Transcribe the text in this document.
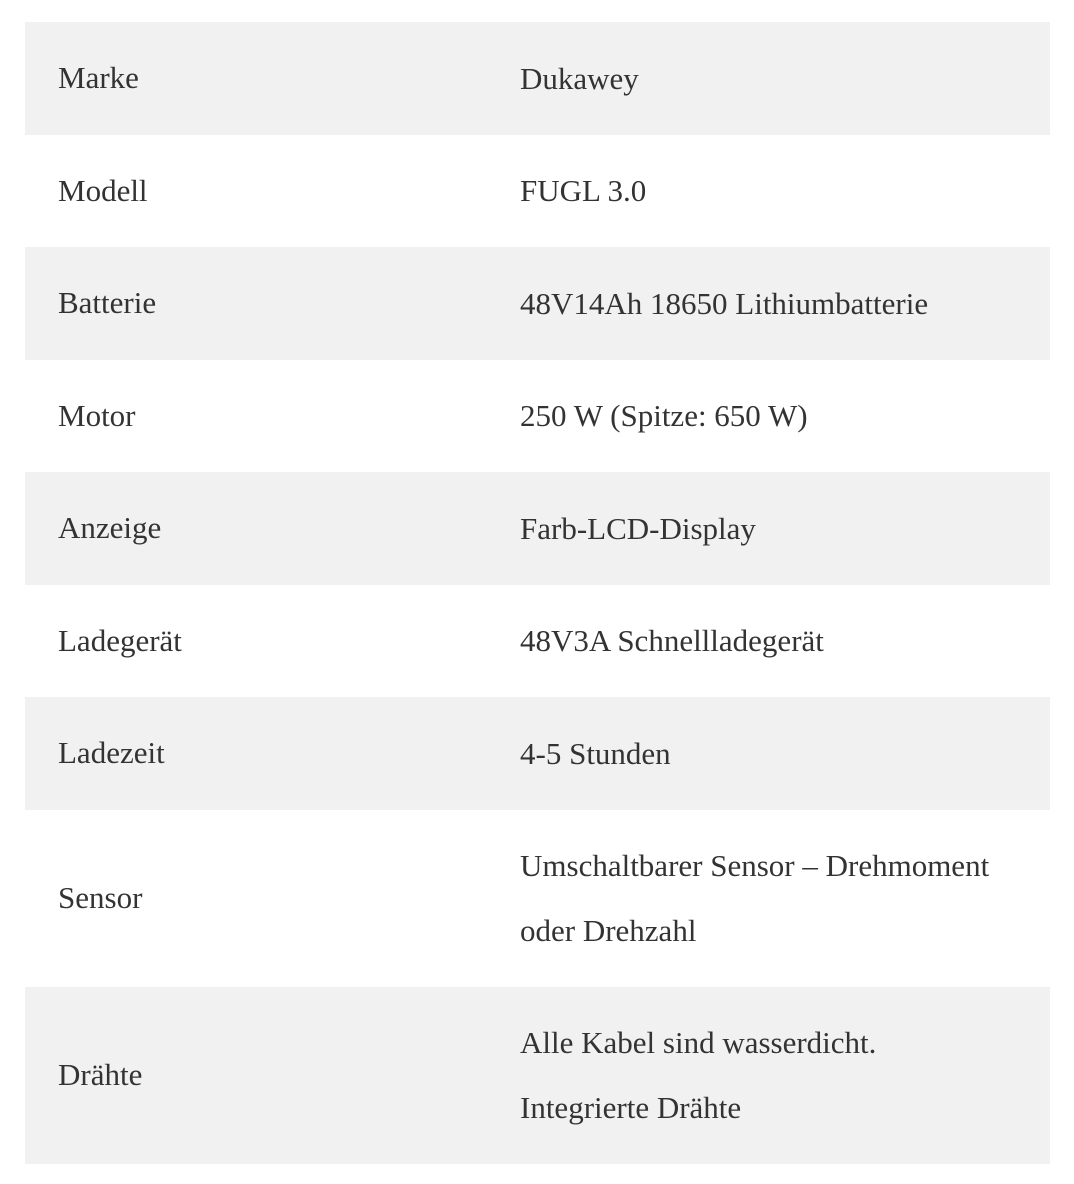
Marke	Dukawey
Modell	FUGL 3.0
Batterie	48V14Ah 18650 Lithiumbatterie
Motor	250 W (Spitze: 650 W)
Anzeige	Farb-LCD-Display
Ladegerät	48V3A Schnellladegerät
Ladezeit	4-5 Stunden
Sensor	Umschaltbarer Sensor – Drehmoment
oder Drehzahl

Drähte	Alle Kabel sind wasserdicht.
Integrierte Drähte
